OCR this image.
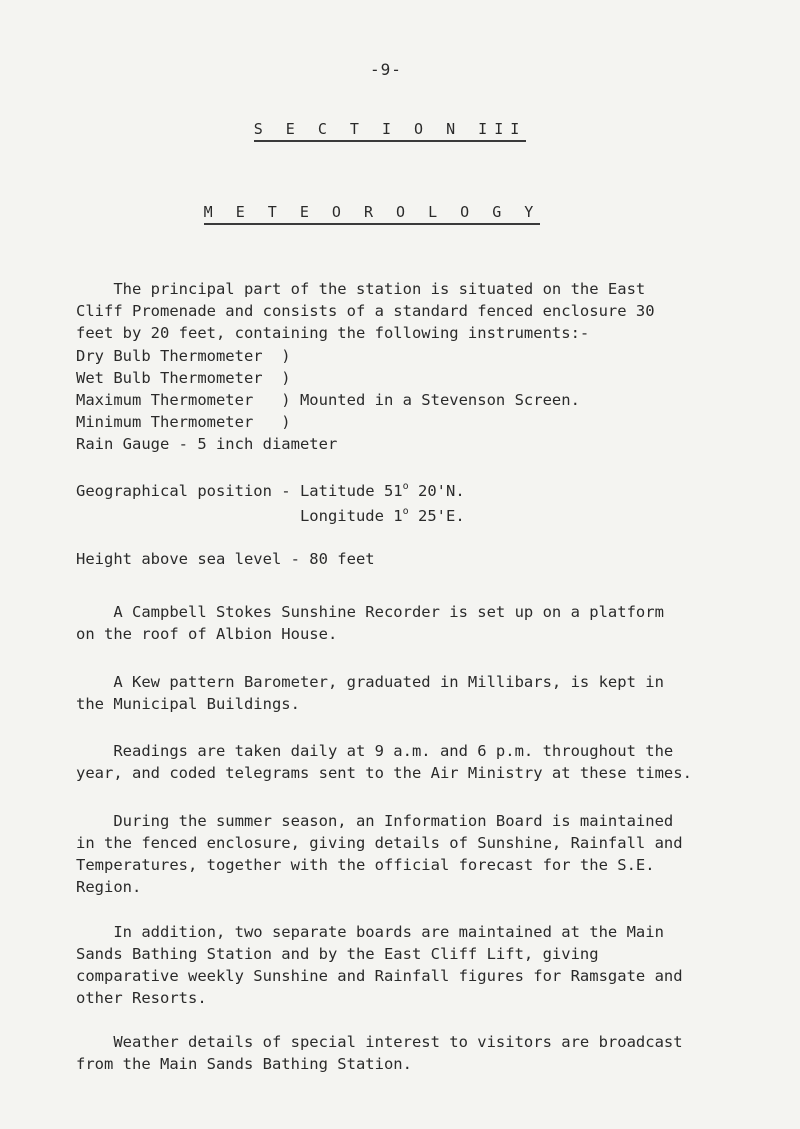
-9-
S E C T I O N III
M E T E O R O L O G Y
The principal part of the station is situated on the East
Cliff Promenade and consists of a standard fenced enclosure 30
feet by 20 feet, containing the following instruments:-
Dry Bulb Thermometer  )
Wet Bulb Thermometer  )
Maximum Thermometer   ) Mounted in a Stevenson Screen.
Minimum Thermometer   )
Rain Gauge - 5 inch diameter
Geographical position - Latitude 51$^o$ 20'N.
Longitude 1$^o$ 25'E.
Height above sea level - 80 feet
A Campbell Stokes Sunshine Recorder is set up on a platform
on the roof of Albion House.
A Kew pattern Barometer, graduated in Millibars, is kept in
the Municipal Buildings.
Readings are taken daily at 9 a.m. and 6 p.m. throughout the
year, and coded telegrams sent to the Air Ministry at these times.
During the summer season, an Information Board is maintained
in the fenced enclosure, giving details of Sunshine, Rainfall and
Temperatures, together with the official forecast for the S.E.
Region.
In addition, two separate boards are maintained at the Main
Sands Bathing Station and by the East Cliff Lift, giving
comparative weekly Sunshine and Rainfall figures for Ramsgate and
other Resorts.
Weather details of special interest to visitors are broadcast
from the Main Sands Bathing Station.
